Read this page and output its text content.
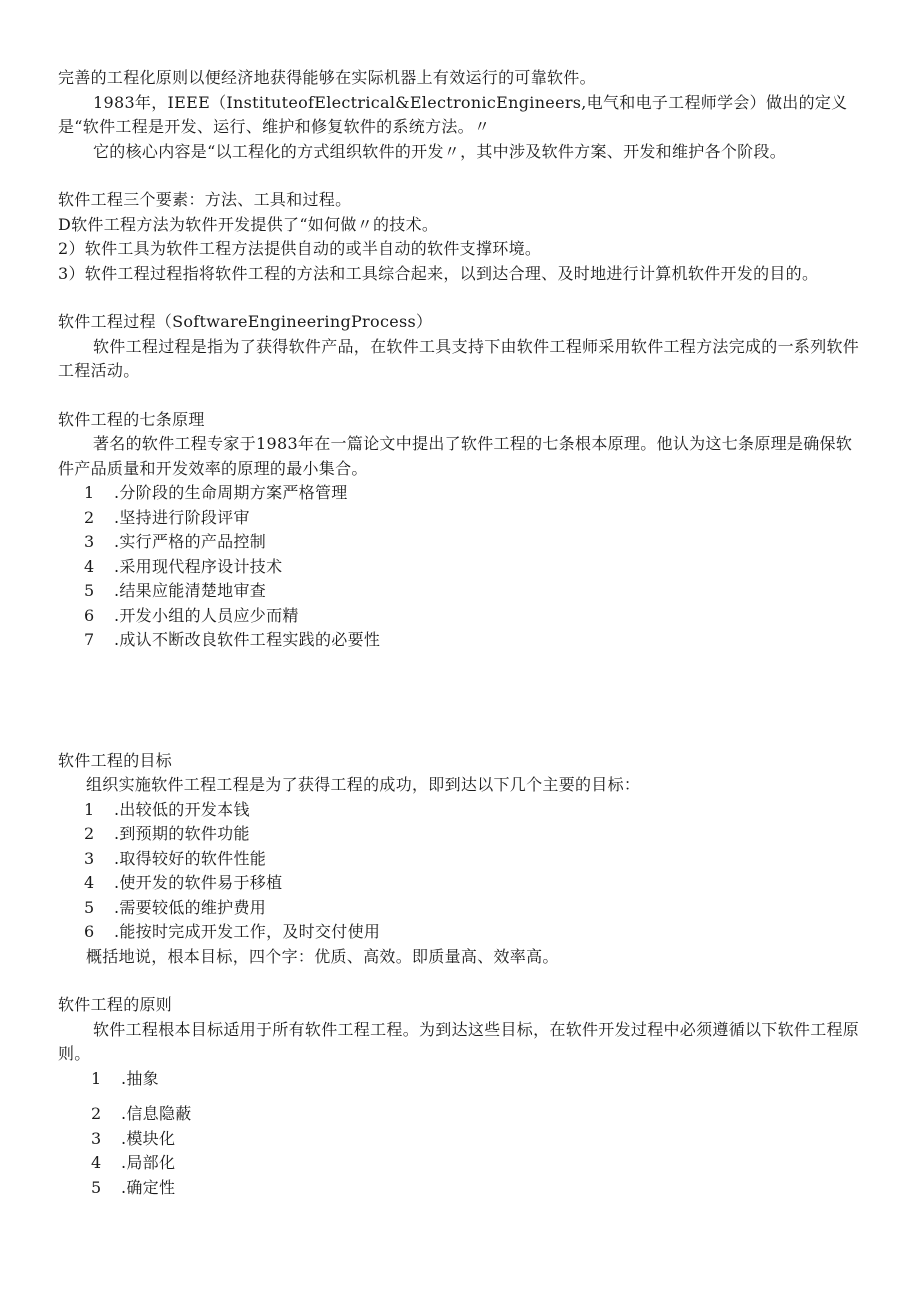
完善的工程化原则以便经济地获得能够在实际机器上有效运行的可靠软件。

1983年，IEEE（InstituteofElectrical&ElectronicEngineers,电气和电子工程师学会）做出的定义是“软件工程是开发、运行、维护和修复软件的系统方法。〃

它的核心内容是“以工程化的方式组织软件的开发〃，其中涉及软件方案、开发和维护各个阶段。

软件工程三个要素：方法、工具和过程。

D软件工程方法为软件开发提供了“如何做〃的技术。

2）软件工具为软件工程方法提供自动的或半自动的软件支撑环境。

3）软件工程过程指将软件工程的方法和工具综合起来，以到达合理、及时地进行计算机软件开发的目的。

软件工程过程（SoftwareEngineeringProcess）

软件工程过程是指为了获得软件产品，在软件工具支持下由软件工程师采用软件工程方法完成的一系列软件工程活动。

软件工程的七条原理

著名的软件工程专家于1983年在一篇论文中提出了软件工程的七条根本原理。他认为这七条原理是确保软件产品质量和开发效率的原理的最小集合。

1 .分阶段的生命周期方案严格管理
2 .坚持进行阶段评审
3 .实行严格的产品控制
4 .采用现代程序设计技术
5 .结果应能清楚地审查
6 .开发小组的人员应少而精
7 .成认不断改良软件工程实践的必要性

软件工程的目标

组织实施软件工程工程是为了获得工程的成功，即到达以下几个主要的目标：

1 .出较低的开发本钱
2 .到预期的软件功能
3 .取得较好的软件性能
4 .使开发的软件易于移植
5 .需要较低的维护费用
6 .能按时完成开发工作，及时交付使用

概括地说，根本目标，四个字：优质、高效。即质量高、效率高。

软件工程的原则

软件工程根本目标适用于所有软件工程工程。为到达这些目标，在软件开发过程中必须遵循以下软件工程原则。

1 .抽象
2 .信息隐蔽
3 .模块化
4 .局部化
5 .确定性
